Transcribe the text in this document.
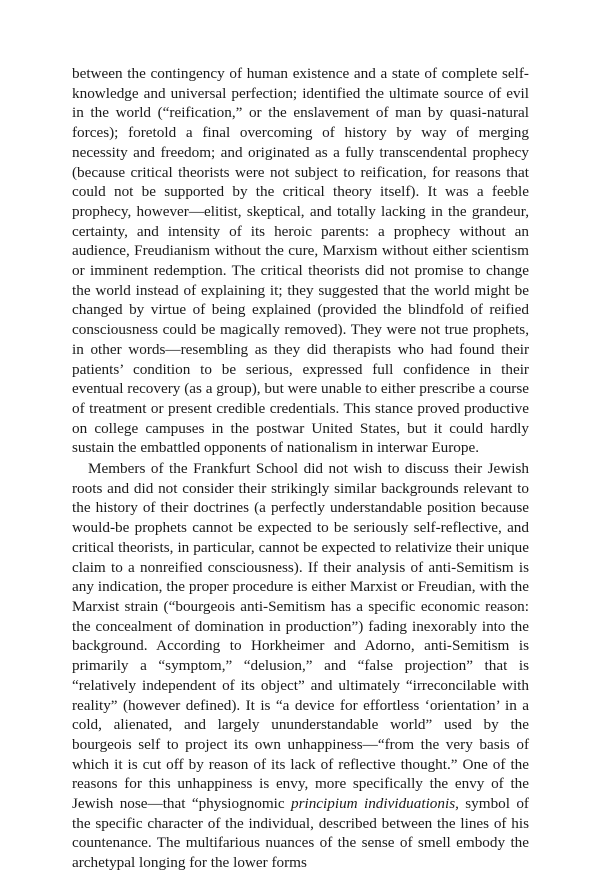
between the contingency of human existence and a state of complete self-knowledge and universal perfection; identified the ultimate source of evil in the world (“reification,” or the enslavement of man by quasi-natural forces); foretold a final overcoming of history by way of merging necessity and freedom; and originated as a fully transcendental prophecy (because critical theorists were not subject to reification, for reasons that could not be supported by the critical theory itself). It was a feeble prophecy, however—elitist, skeptical, and totally lacking in the grandeur, certainty, and intensity of its heroic parents: a prophecy without an audience, Freudianism without the cure, Marxism without either scientism or imminent redemption. The critical theorists did not promise to change the world instead of explaining it; they suggested that the world might be changed by virtue of being explained (provided the blindfold of reified consciousness could be magically removed). They were not true prophets, in other words—resembling as they did therapists who had found their patients’ condition to be serious, expressed full confidence in their eventual recovery (as a group), but were unable to either prescribe a course of treatment or present credible credentials. This stance proved productive on college campuses in the postwar United States, but it could hardly sustain the embattled opponents of nationalism in interwar Europe.

Members of the Frankfurt School did not wish to discuss their Jewish roots and did not consider their strikingly similar backgrounds relevant to the history of their doctrines (a perfectly understandable position because would-be prophets cannot be expected to be seriously self-reflective, and critical theorists, in particular, cannot be expected to relativize their unique claim to a nonreified consciousness). If their analysis of anti-Semitism is any indication, the proper procedure is either Marxist or Freudian, with the Marxist strain (“bourgeois anti-Semitism has a specific economic reason: the concealment of domination in production”) fading inexorably into the background. According to Horkheimer and Adorno, anti-Semitism is primarily a “symptom,” “delusion,” and “false projection” that is “relatively independent of its object” and ultimately “irreconcilable with reality” (however defined). It is “a device for effortless ‘orientation’ in a cold, alienated, and largely ununderstandable world” used by the bourgeois self to project its own unhappiness—“from the very basis of which it is cut off by reason of its lack of reflective thought.” One of the reasons for this unhappiness is envy, more specifically the envy of the Jewish nose—that “physiognomic principium individuationis, symbol of the specific character of the individual, described between the lines of his countenance. The multifarious nuances of the sense of smell embody the archetypal longing for the lower forms
